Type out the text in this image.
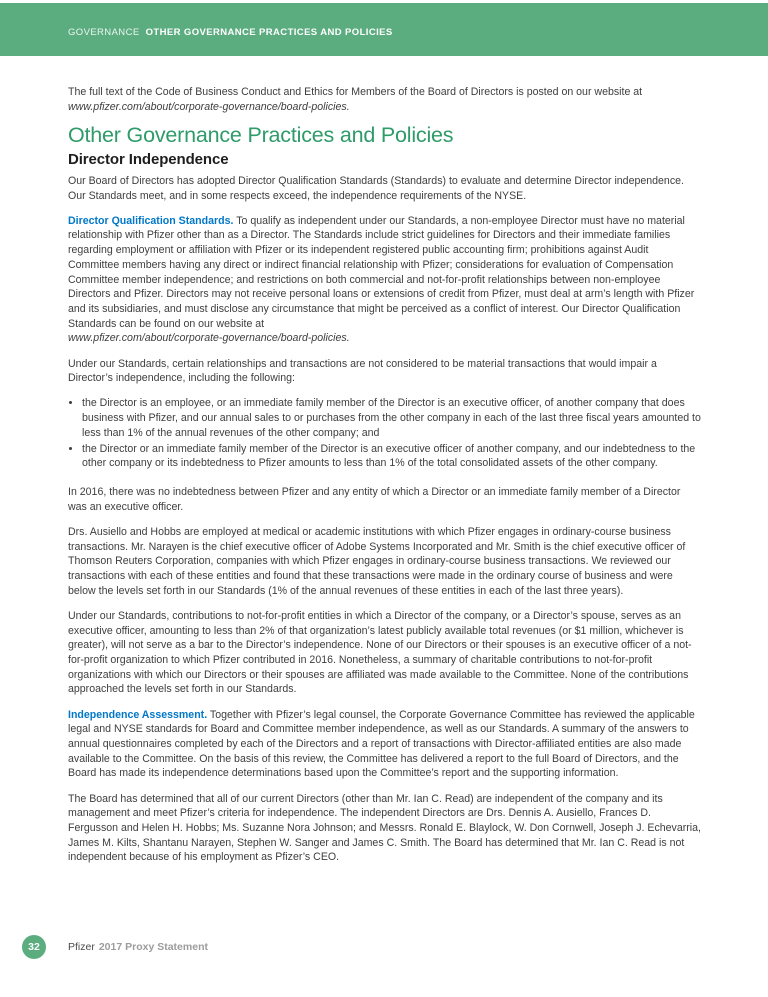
GOVERNANCE OTHER GOVERNANCE PRACTICES AND POLICIES

The full text of the Code of Business Conduct and Ethics for Members of the Board of Directors is posted on our website at
www.pfizer.com/about/corporate-governance/board-policies.

Other Governance Practices and Policies
Director Independence

Our Board of Directors has adopted Director Qualification Standards (Standards) to evaluate and determine Director independence. Our Standards meet, and in some respects exceed, the independence requirements of the NYSE.

Director Qualification Standards. To qualify as independent under our Standards, a non-employee Director must have no material relationship with Pfizer other than as a Director. The Standards include strict guidelines for Directors and their immediate families regarding employment or affiliation with Pfizer or its independent registered public accounting firm; prohibitions against Audit Committee members having any direct or indirect financial relationship with Pfizer; considerations for evaluation of Compensation Committee member independence; and restrictions on both commercial and not-for-profit relationships between non-employee Directors and Pfizer. Directors may not receive personal loans or extensions of credit from Pfizer, must deal at arm’s length with Pfizer and its subsidiaries, and must disclose any circumstance that might be perceived as a conflict of interest. Our Director Qualification Standards can be found on our website at
www.pfizer.com/about/corporate-governance/board-policies.

Under our Standards, certain relationships and transactions are not considered to be material transactions that would impair a Director’s independence, including the following:

• the Director is an employee, or an immediate family member of the Director is an executive officer, of another company that does business with Pfizer, and our annual sales to or purchases from the other company in each of the last three fiscal years amounted to less than 1% of the annual revenues of the other company; and
• the Director or an immediate family member of the Director is an executive officer of another company, and our indebtedness to the other company or its indebtedness to Pfizer amounts to less than 1% of the total consolidated assets of the other company.

In 2016, there was no indebtedness between Pfizer and any entity of which a Director or an immediate family member of a Director was an executive officer.

Drs. Ausiello and Hobbs are employed at medical or academic institutions with which Pfizer engages in ordinary-course business transactions. Mr. Narayen is the chief executive officer of Adobe Systems Incorporated and Mr. Smith is the chief executive officer of Thomson Reuters Corporation, companies with which Pfizer engages in ordinary-course business transactions. We reviewed our transactions with each of these entities and found that these transactions were made in the ordinary course of business and were below the levels set forth in our Standards (1% of the annual revenues of these entities in each of the last three years).

Under our Standards, contributions to not-for-profit entities in which a Director of the company, or a Director’s spouse, serves as an executive officer, amounting to less than 2% of that organization’s latest publicly available total revenues (or $1 million, whichever is greater), will not serve as a bar to the Director’s independence. None of our Directors or their spouses is an executive officer of a not-for-profit organization to which Pfizer contributed in 2016. Nonetheless, a summary of charitable contributions to not-for-profit organizations with which our Directors or their spouses are affiliated was made available to the Committee. None of the contributions approached the levels set forth in our Standards.

Independence Assessment. Together with Pfizer’s legal counsel, the Corporate Governance Committee has reviewed the applicable legal and NYSE standards for Board and Committee member independence, as well as our Standards. A summary of the answers to annual questionnaires completed by each of the Directors and a report of transactions with Director-affiliated entities are also made available to the Committee. On the basis of this review, the Committee has delivered a report to the full Board of Directors, and the Board has made its independence determinations based upon the Committee’s report and the supporting information.

The Board has determined that all of our current Directors (other than Mr. Ian C. Read) are independent of the company and its management and meet Pfizer’s criteria for independence. The independent Directors are Drs. Dennis A. Ausiello, Frances D. Fergusson and Helen H. Hobbs; Ms. Suzanne Nora Johnson; and Messrs. Ronald E. Blaylock, W. Don Cornwell, Joseph J. Echevarria, James M. Kilts, Shantanu Narayen, Stephen W. Sanger and James C. Smith. The Board has determined that Mr. Ian C. Read is not independent because of his employment as Pfizer’s CEO.

32	Pfizer 2017 Proxy Statement
